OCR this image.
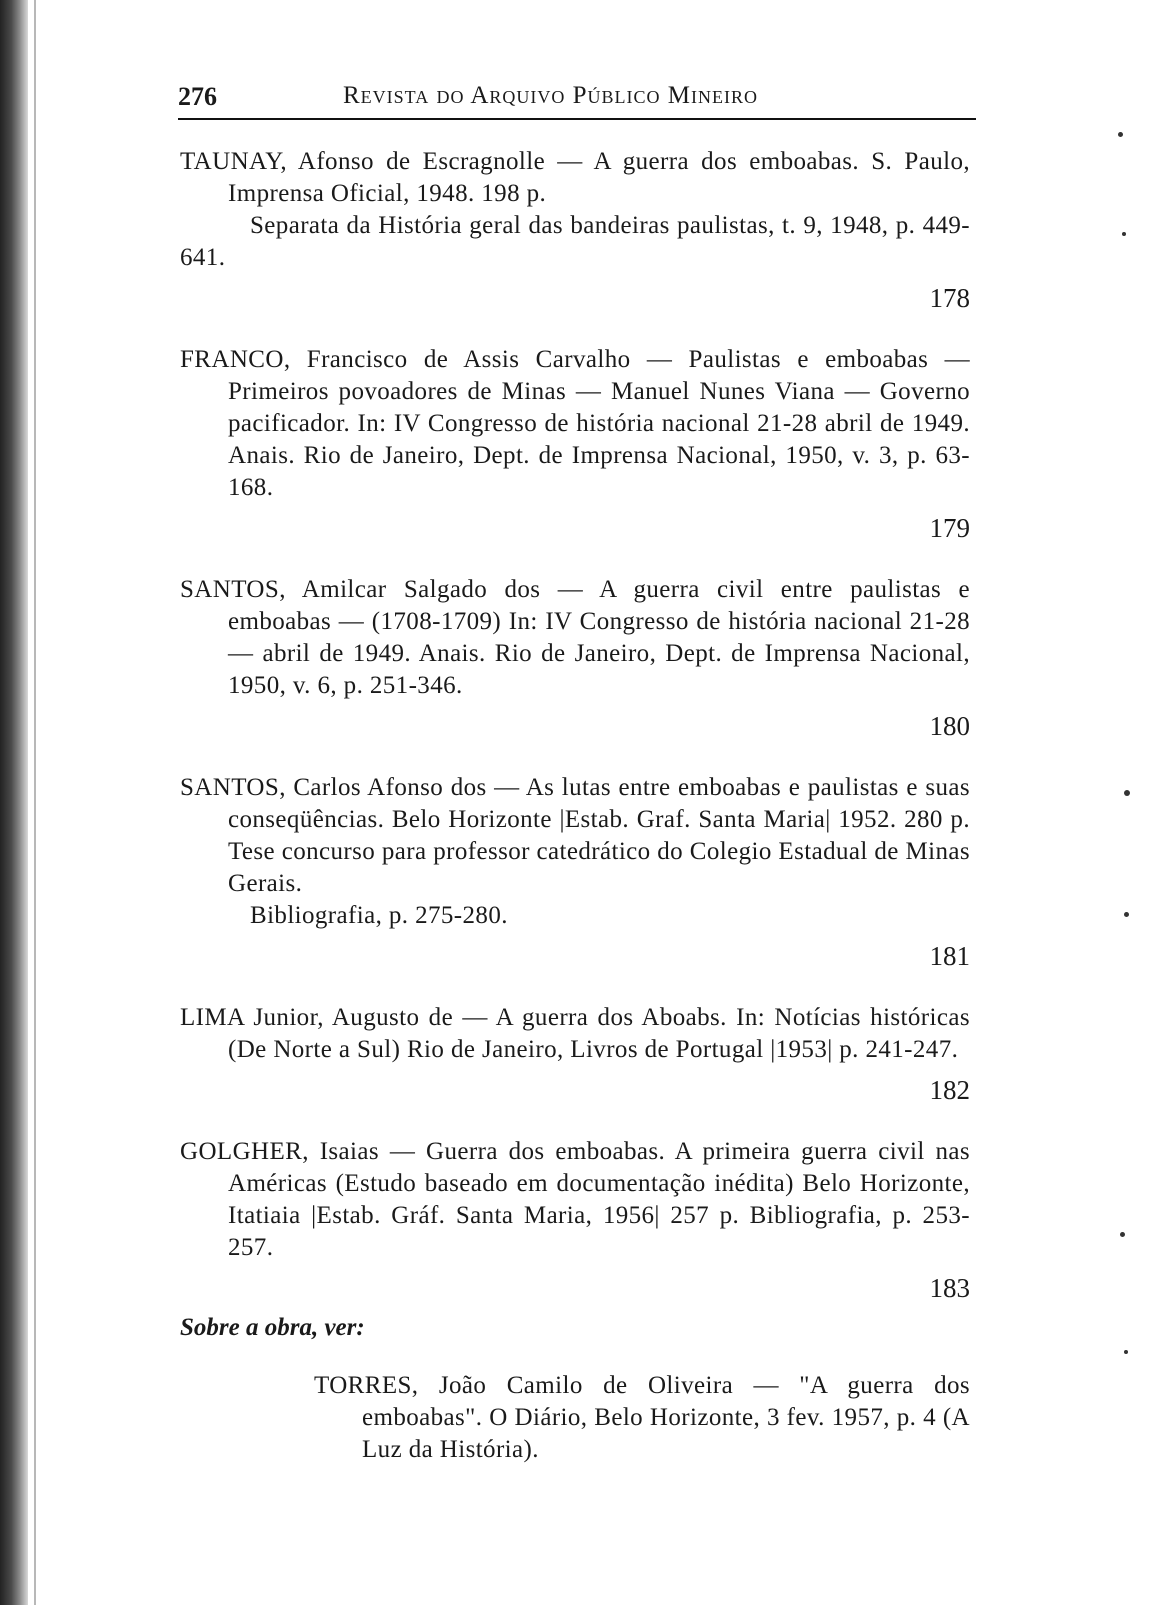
276	Revista do Arquivo Público Mineiro
TAUNAY, Afonso de Escragnolle — A guerra dos emboabas. S. Paulo, Imprensa Oficial, 1948. 198 p.
Separata da História geral das bandeiras paulistas, t. 9, 1948, p. 449-641.
178
FRANCO, Francisco de Assis Carvalho — Paulistas e emboabas — Primeiros povoadores de Minas — Manuel Nunes Viana — Governo pacificador. In: IV Congresso de história nacional 21-28 abril de 1949. Anais. Rio de Janeiro, Dept. de Imprensa Nacional, 1950, v. 3, p. 63-168.
179
SANTOS, Amilcar Salgado dos — A guerra civil entre paulistas e emboabas — (1708-1709) In: IV Congresso de história nacional 21-28 — abril de 1949. Anais. Rio de Janeiro, Dept. de Imprensa Nacional, 1950, v. 6, p. 251-346.
180
SANTOS, Carlos Afonso dos — As lutas entre emboabas e paulistas e suas conseqüências. Belo Horizonte |Estab. Graf. Santa Maria| 1952. 280 p. Tese concurso para professor catedrático do Colegio Estadual de Minas Gerais.
Bibliografia, p. 275-280.
181
LIMA Junior, Augusto de — A guerra dos Aboabs. In: Notícias históricas (De Norte a Sul) Rio de Janeiro, Livros de Portugal |1953| p. 241-247.
182
GOLGHER, Isaias — Guerra dos emboabas. A primeira guerra civil nas Américas (Estudo baseado em documentação inédita) Belo Horizonte, Itatiaia |Estab. Gráf. Santa Maria, 1956| 257 p. Bibliografia, p. 253-257.
183
Sobre a obra, ver:
TORRES, João Camilo de Oliveira — "A guerra dos emboabas". O Diário, Belo Horizonte, 3 fev. 1957, p. 4 (A Luz da História).
